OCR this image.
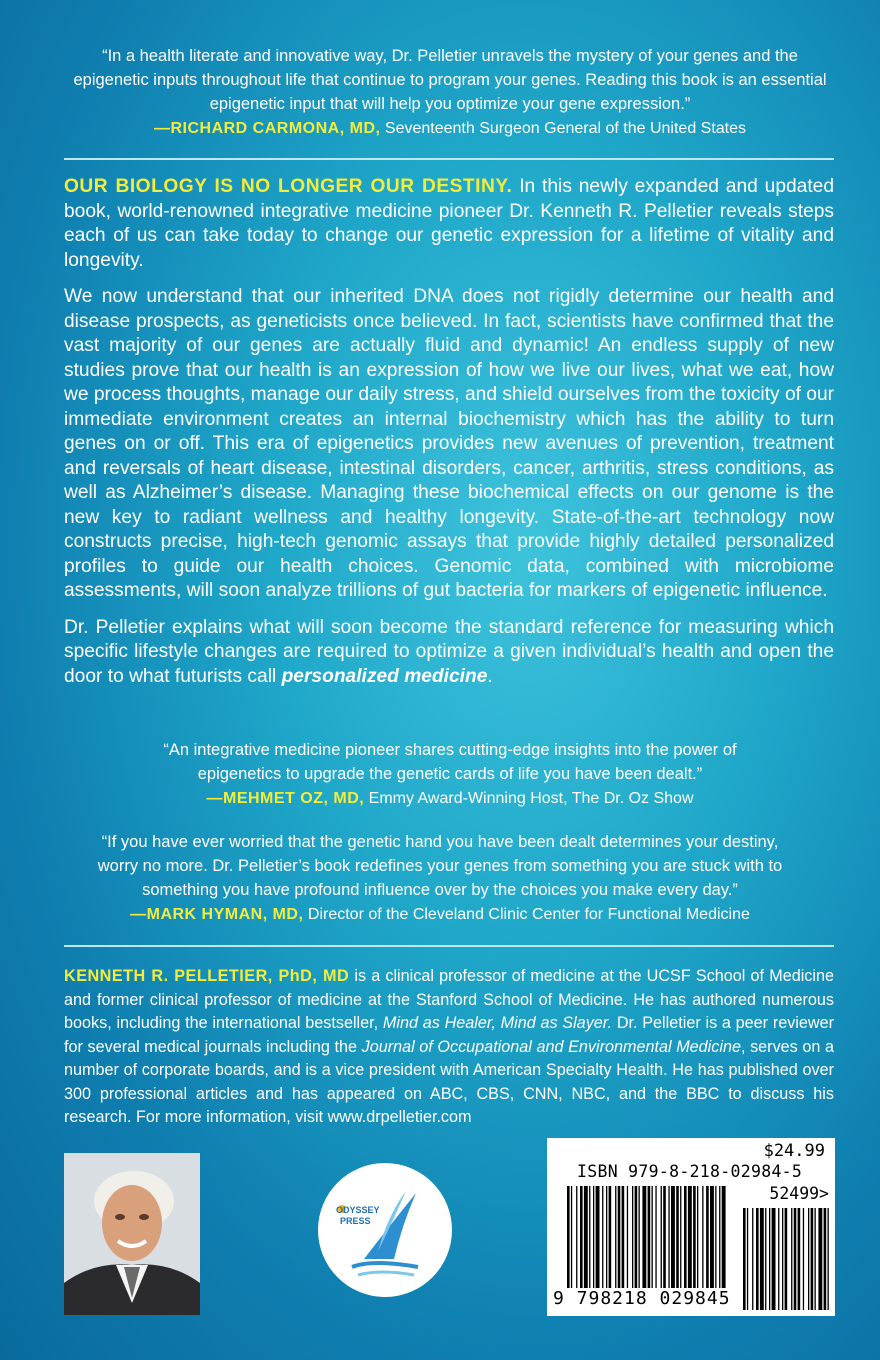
“In a health literate and innovative way, Dr. Pelletier unravels the mystery of your genes and the epigenetic inputs throughout life that continue to program your genes. Reading this book is an essential epigenetic input that will help you optimize your gene expression.”
—RICHARD CARMONA, MD, Seventeenth Surgeon General of the United States

OUR BIOLOGY IS NO LONGER OUR DESTINY. In this newly expanded and updated book, world-renowned integrative medicine pioneer Dr. Kenneth R. Pelletier reveals steps each of us can take today to change our genetic expression for a lifetime of vitality and longevity.

We now understand that our inherited DNA does not rigidly determine our health and disease prospects, as geneticists once believed. In fact, scientists have confirmed that the vast majority of our genes are actually fluid and dynamic! An endless supply of new studies prove that our health is an expression of how we live our lives, what we eat, how we process thoughts, manage our daily stress, and shield ourselves from the toxicity of our immediate environment creates an internal biochemistry which has the ability to turn genes on or off. This era of epigenetics provides new avenues of prevention, treatment and reversals of heart disease, intestinal disorders, cancer, arthritis, stress conditions, as well as Alzheimer’s disease. Managing these biochemical effects on our genome is the new key to radiant wellness and healthy longevity. State-of-the-art technology now constructs precise, high-tech genomic assays that provide highly detailed personalized profiles to guide our health choices. Genomic data, combined with microbiome assessments, will soon analyze trillions of gut bacteria for markers of epigenetic influence.

Dr. Pelletier explains what will soon become the standard reference for measuring which specific lifestyle changes are required to optimize a given individual’s health and open the door to what futurists call personalized medicine.

“An integrative medicine pioneer shares cutting-edge insights into the power of epigenetics to upgrade the genetic cards of life you have been dealt.”
—MEHMET OZ, MD, Emmy Award-Winning Host, The Dr. Oz Show
“If you have ever worried that the genetic hand you have been dealt determines your destiny, worry no more. Dr. Pelletier’s book redefines your genes from something you are stuck with to something you have profound influence over by the choices you make every day.”
—MARK HYMAN, MD, Director of the Cleveland Clinic Center for Functional Medicine
KENNETH R. PELLETIER, PhD, MD is a clinical professor of medicine at the UCSF School of Medicine and former clinical professor of medicine at the Stanford School of Medicine. He has authored numerous books, including the international bestseller, Mind as Healer, Mind as Slayer. Dr. Pelletier is a peer reviewer for several medical journals including the Journal of Occupational and Environmental Medicine, serves on a number of corporate boards, and is a vice president with American Specialty Health. He has published over 300 professional articles and has appeared on ABC, CBS, CNN, NBC, and the BBC to discuss his research. For more information, visit www.drpelletier.com
ODYSSEY
PRESS
$24.99
ISBN 979-8-218-02984-5
52499>
9 798218 029845
